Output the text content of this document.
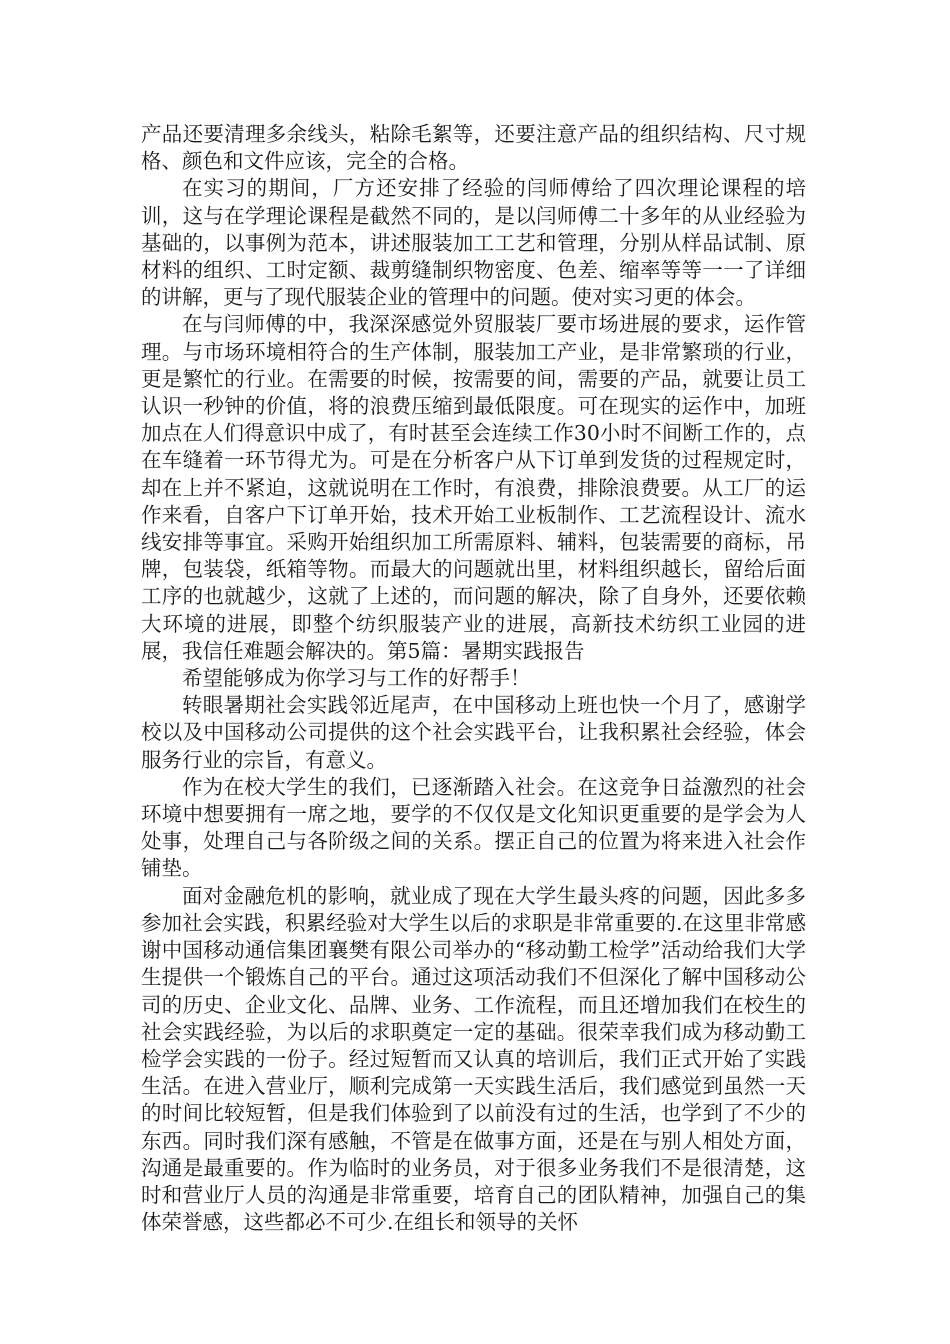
产品还要清理多余线头，粘除毛絮等，还要注意产品的组织结构、尺寸规格、颜色和文件应该，完全的合格。

在实习的期间，厂方还安排了经验的闫师傅给了四次理论课程的培训，这与在学理论课程是截然不同的，是以闫师傅二十多年的从业经验为基础的，以事例为范本，讲述服装加工工艺和管理，分别从样品试制、原材料的组织、工时定额、裁剪缝制织物密度、色差、缩率等等一一了详细的讲解，更与了现代服装企业的管理中的问题。使对实习更的体会。

在与闫师傅的中，我深深感觉外贸服装厂要市场进展的要求，运作管理。与市场环境相符合的生产体制，服装加工产业，是非常繁琐的行业，更是繁忙的行业。在需要的时候，按需要的间，需要的产品，就要让员工认识一秒钟的价值，将的浪费压缩到最低限度。可在现实的运作中，加班加点在人们得意识中成了，有时甚至会连续工作30小时不间断工作的，点在车缝着一环节得尤为。可是在分析客户从下订单到发货的过程规定时，却在上并不紧迫，这就说明在工作时，有浪费，排除浪费要。从工厂的运作来看，自客户下订单开始，技术开始工业板制作、工艺流程设计、流水线安排等事宜。采购开始组织加工所需原料、辅料，包装需要的商标，吊牌，包装袋，纸箱等物。而最大的问题就出里，材料组织越长，留给后面工序的也就越少，这就了上述的，而问题的解决，除了自身外，还要依赖大环境的进展，即整个纺织服装产业的进展，高新技术纺织工业园的进展，我信任难题会解决的。第5篇：暑期实践报告

希望能够成为你学习与工作的好帮手！

转眼暑期社会实践邻近尾声，在中国移动上班也快一个月了，感谢学校以及中国移动公司提供的这个社会实践平台，让我积累社会经验，体会服务行业的宗旨，有意义。

作为在校大学生的我们，已逐渐踏入社会。在这竞争日益激烈的社会环境中想要拥有一席之地，要学的不仅仅是文化知识更重要的是学会为人处事，处理自己与各阶级之间的关系。摆正自己的位置为将来进入社会作铺垫。

面对金融危机的影响，就业成了现在大学生最头疼的问题，因此多多参加社会实践，积累经验对大学生以后的求职是非常重要的.在这里非常感谢中国移动通信集团襄樊有限公司举办的“移动勤工检学”活动给我们大学生提供一个锻炼自己的平台。通过这项活动我们不但深化了解中国移动公司的历史、企业文化、品牌、业务、工作流程，而且还增加我们在校生的社会实践经验，为以后的求职奠定一定的基础。很荣幸我们成为移动勤工检学会实践的一份子。经过短暂而又认真的培训后，我们正式开始了实践生活。在进入营业厅，顺利完成第一天实践生活后，我们感觉到虽然一天的时间比较短暂，但是我们体验到了以前没有过的生活，也学到了不少的东西。同时我们深有感触，不管是在做事方面，还是在与别人相处方面，沟通是最重要的。作为临时的业务员，对于很多业务我们不是很清楚，这时和营业厅人员的沟通是非常重要，培育自己的团队精神，加强自己的集体荣誉感，这些都必不可少.在组长和领导的关怀
